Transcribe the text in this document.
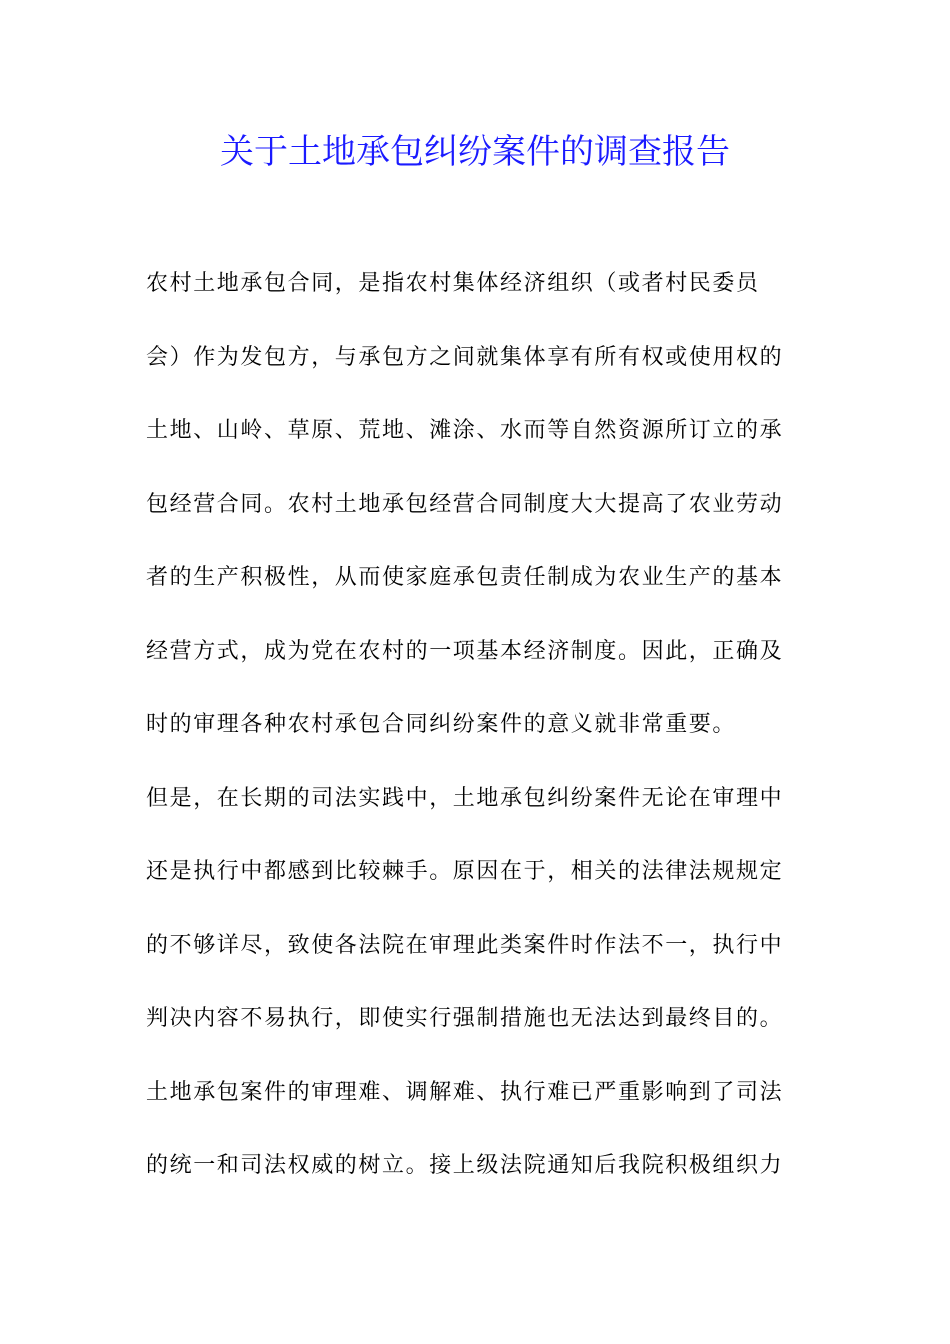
关于土地承包纠纷案件的调查报告

农村土地承包合同，是指农村集体经济组织（或者村民委员

会）作为发包方，与承包方之间就集体享有所有权或使用权的

土地、山岭、草原、荒地、滩涂、水而等自然资源所订立的承

包经营合同。农村土地承包经营合同制度大大提高了农业劳动

者的生产积极性，从而使家庭承包责任制成为农业生产的基本

经营方式，成为党在农村的一项基本经济制度。因此，正确及

时的审理各种农村承包合同纠纷案件的意义就非常重要。

但是，在长期的司法实践中，土地承包纠纷案件无论在审理中

还是执行中都感到比较棘手。原因在于，相关的法律法规规定

的不够详尽，致使各法院在审理此类案件时作法不一，执行中

判决内容不易执行，即使实行强制措施也无法达到最终目的。

土地承包案件的审理难、调解难、执行难已严重影响到了司法

的统一和司法权威的树立。接上级法院通知后我院积极组织力
